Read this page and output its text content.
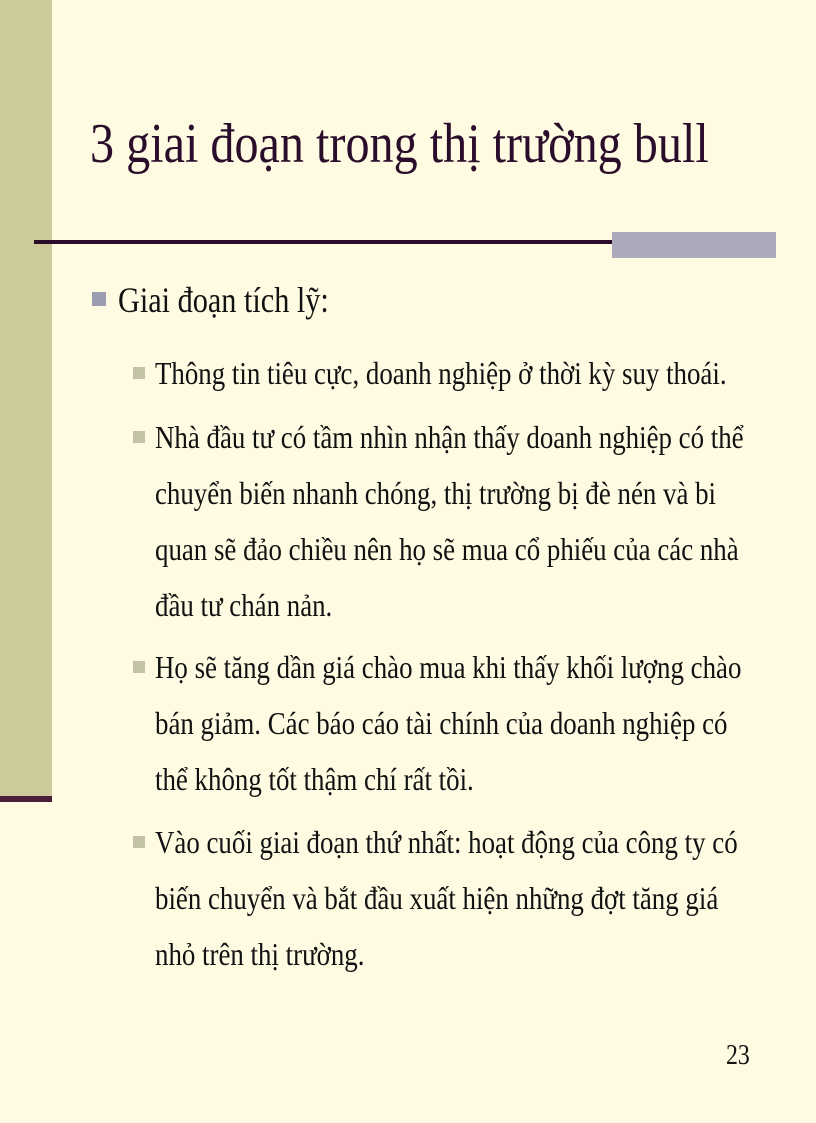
3 giai đoạn trong thị trường bull
Giai đoạn tích lỹ:
Thông tin tiêu cực, doanh nghiệp ở thời kỳ suy thoái.
Nhà đầu tư có tầm nhìn nhận thấy doanh nghiệp có thể chuyển biến nhanh chóng, thị trường bị đè nén và bi quan sẽ đảo chiều nên họ sẽ mua cổ phiếu của các nhà đầu tư chán nản.
Họ sẽ tăng dần giá chào mua khi thấy khối lượng chào bán giảm. Các báo cáo tài chính của doanh nghiệp có thể không tốt thậm chí rất tồi.
Vào cuối giai đoạn thứ nhất: hoạt động của công ty có biến chuyển và bắt đầu xuất hiện những đợt tăng giá nhỏ trên thị trường.
23
